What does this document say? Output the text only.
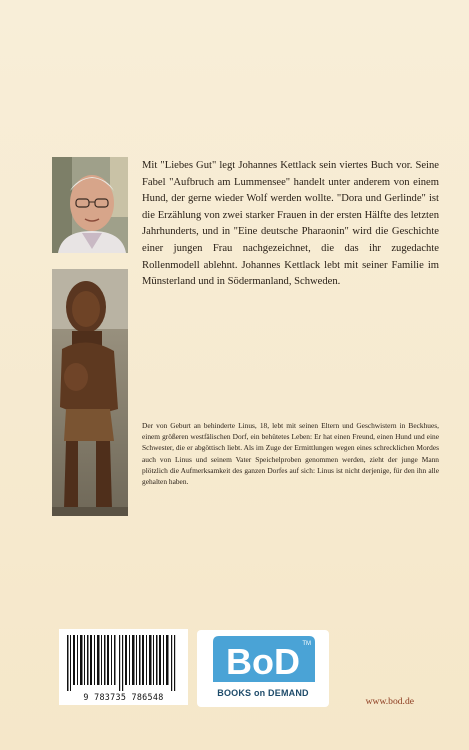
Mit "Liebes Gut" legt Johannes Kettlack sein viertes Buch vor. Seine Fabel "Aufbruch am Lummensee" handelt unter anderem von einem Hund, der gerne wieder Wolf werden wollte. "Dora und Gerlinde" ist die Erzählung von zwei starker Frauen in der ersten Hälfte des letzten Jahrhunderts, und in "Eine deutsche Pharaonin" wird die Geschichte einer jungen Frau nachgezeichnet, die das ihr zugedachte Rollenmodell ablehnt. Johannes Kettlack lebt mit seiner Familie im Münsterland und in Södermanland, Schweden.

Der von Geburt an behinderte Linus, 18, lebt mit seinen Eltern und Geschwistern in Beckhues, einem größeren westfälischen Dorf, ein behütetes Leben: Er hat einen Freund, einen Hund und eine Schwester, die er abgöttisch liebt. Als im Zuge der Ermittlungen wegen eines schrecklichen Mordes auch von Linus und seinem Vater Speichelproben genommen werden, zieht der junge Mann plötzlich die Aufmerksamkeit des ganzen Dorfes auf sich: Linus ist nicht derjenige, für den ihn alle gehalten haben.

9 783735 786548
BoD TM
BOOKS on DEMAND
www.bod.de
